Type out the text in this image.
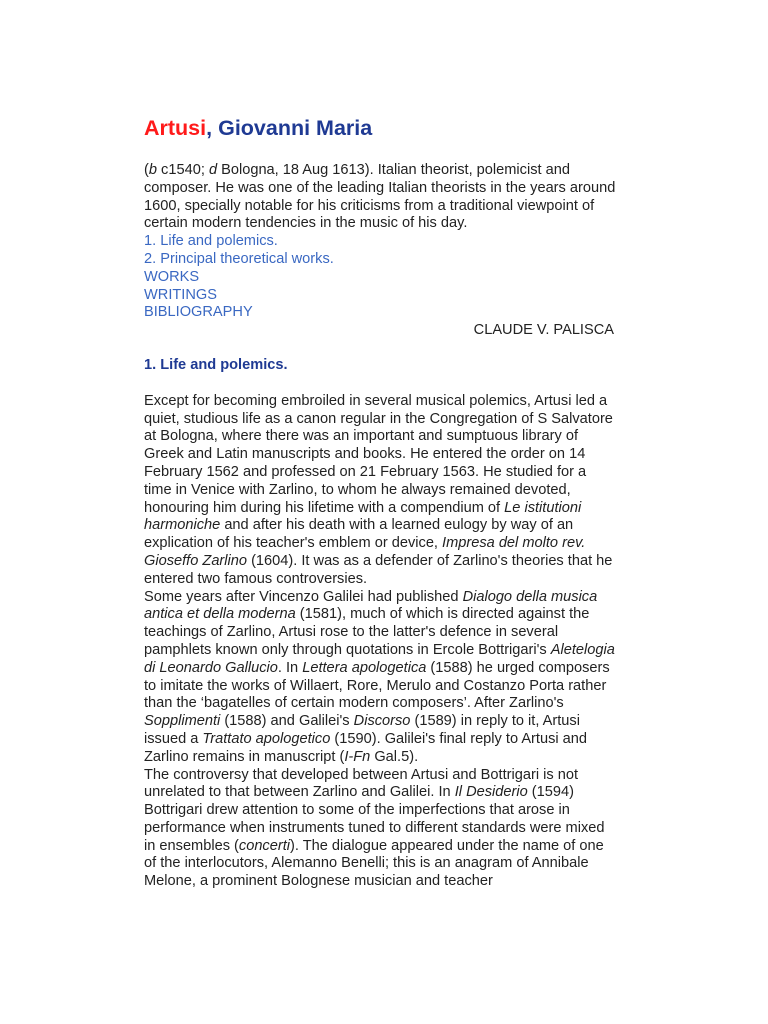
Artusi, Giovanni Maria

(b c1540; d Bologna, 18 Aug 1613). Italian theorist, polemicist and composer. He was one of the leading Italian theorists in the years around 1600, specially notable for his criticisms from a traditional viewpoint of certain modern tendencies in the music of his day.

1. Life and polemics.
2. Principal theoretical works.
WORKS
WRITINGS
BIBLIOGRAPHY

CLAUDE V. PALISCA

1. Life and polemics.

Except for becoming embroiled in several musical polemics, Artusi led a quiet, studious life as a canon regular in the Congregation of S Salvatore at Bologna, where there was an important and sumptuous library of Greek and Latin manuscripts and books. He entered the order on 14 February 1562 and professed on 21 February 1563. He studied for a time in Venice with Zarlino, to whom he always remained devoted, honouring him during his lifetime with a compendium of Le istitutioni harmoniche and after his death with a learned eulogy by way of an explication of his teacher's emblem or device, Impresa del molto rev. Gioseffo Zarlino (1604). It was as a defender of Zarlino's theories that he entered two famous controversies.

Some years after Vincenzo Galilei had published Dialogo della musica antica et della moderna (1581), much of which is directed against the teachings of Zarlino, Artusi rose to the latter's defence in several pamphlets known only through quotations in Ercole Bottrigari's Aletelogia di Leonardo Gallucio. In Lettera apologetica (1588) he urged composers to imitate the works of Willaert, Rore, Merulo and Costanzo Porta rather than the ‘bagatelles of certain modern composers’. After Zarlino's Sopplimenti (1588) and Galilei's Discorso (1589) in reply to it, Artusi issued a Trattato apologetico (1590). Galilei's final reply to Artusi and Zarlino remains in manuscript (I-Fn Gal.5).

The controversy that developed between Artusi and Bottrigari is not unrelated to that between Zarlino and Galilei. In Il Desiderio (1594) Bottrigari drew attention to some of the imperfections that arose in performance when instruments tuned to different standards were mixed in ensembles (concerti). The dialogue appeared under the name of one of the interlocutors, Alemanno Benelli; this is an anagram of Annibale Melone, a prominent Bolognese musician and teacher
